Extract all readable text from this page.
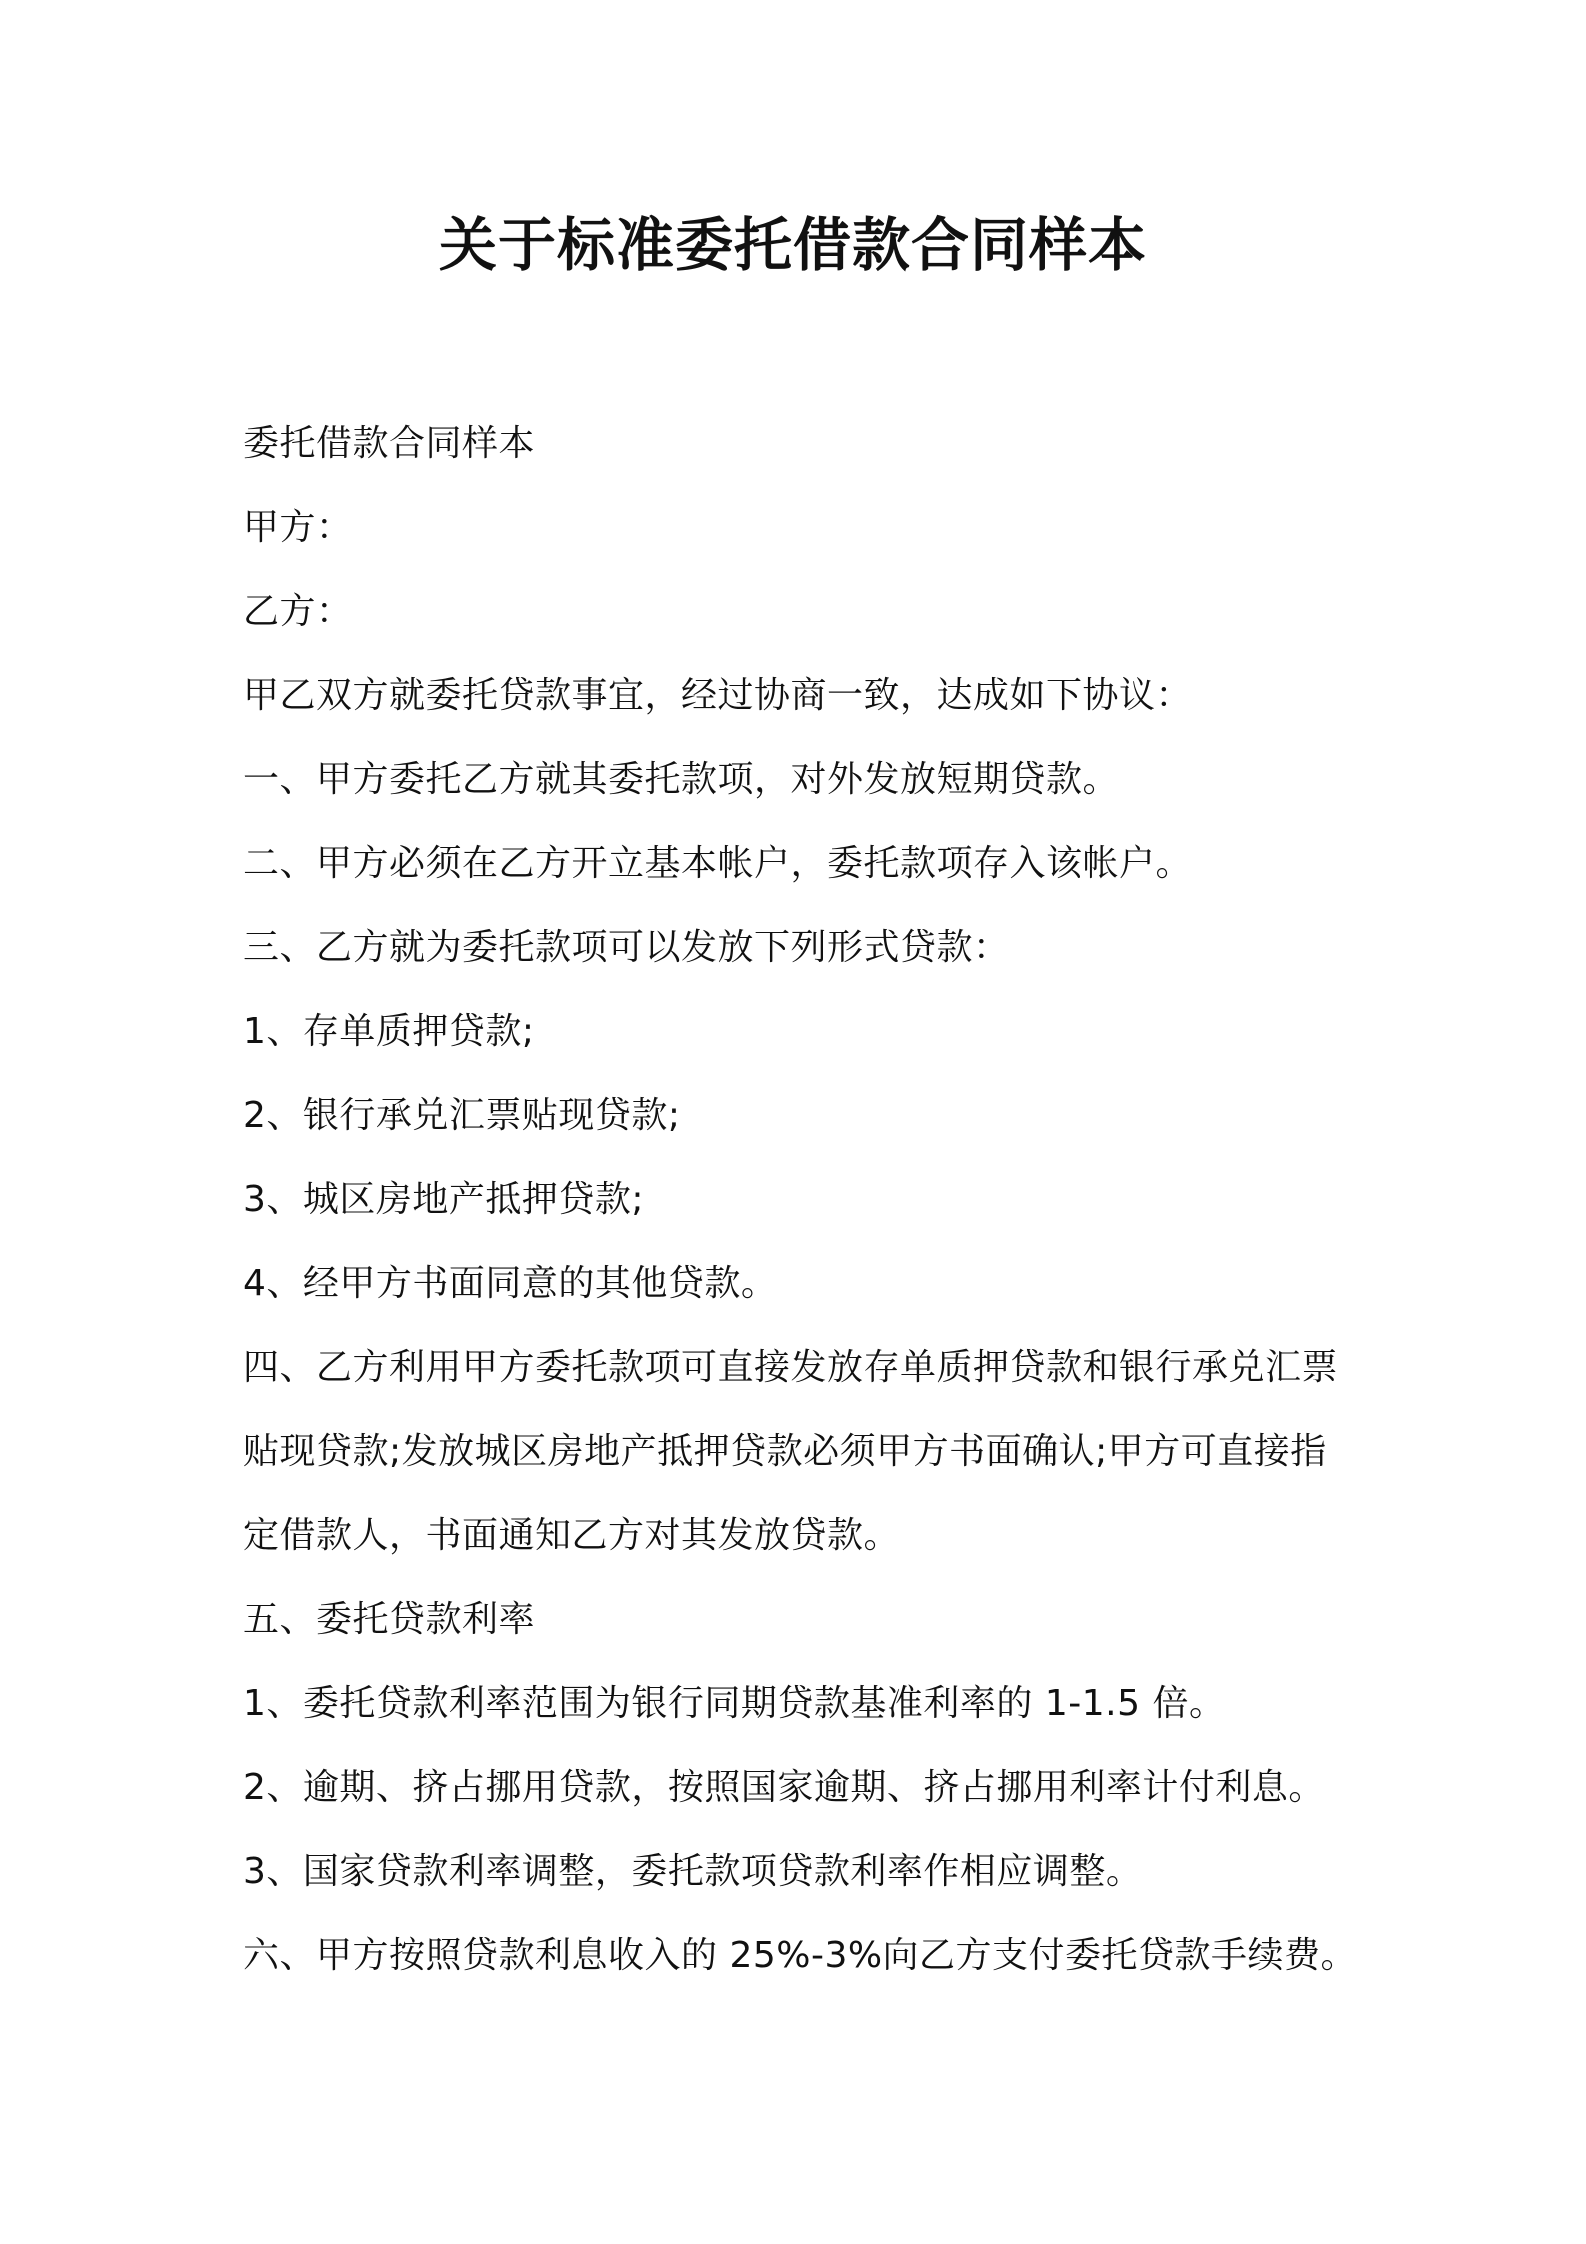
关于标准委托借款合同样本
委托借款合同样本
甲方：
乙方：
甲乙双方就委托贷款事宜，经过协商一致，达成如下协议：
一、甲方委托乙方就其委托款项，对外发放短期贷款。
二、甲方必须在乙方开立基本帐户，委托款项存入该帐户。
三、乙方就为委托款项可以发放下列形式贷款：
1、存单质押贷款;
2、银行承兑汇票贴现贷款;
3、城区房地产抵押贷款;
4、经甲方书面同意的其他贷款。
四、乙方利用甲方委托款项可直接发放存单质押贷款和银行承兑汇票
贴现贷款;发放城区房地产抵押贷款必须甲方书面确认;甲方可直接指
定借款人，书面通知乙方对其发放贷款。
五、委托贷款利率
1、委托贷款利率范围为银行同期贷款基准利率的 1-1.5 倍。
2、逾期、挤占挪用贷款，按照国家逾期、挤占挪用利率计付利息。
3、国家贷款利率调整，委托款项贷款利率作相应调整。
六、甲方按照贷款利息收入的 25%-3%向乙方支付委托贷款手续费。
